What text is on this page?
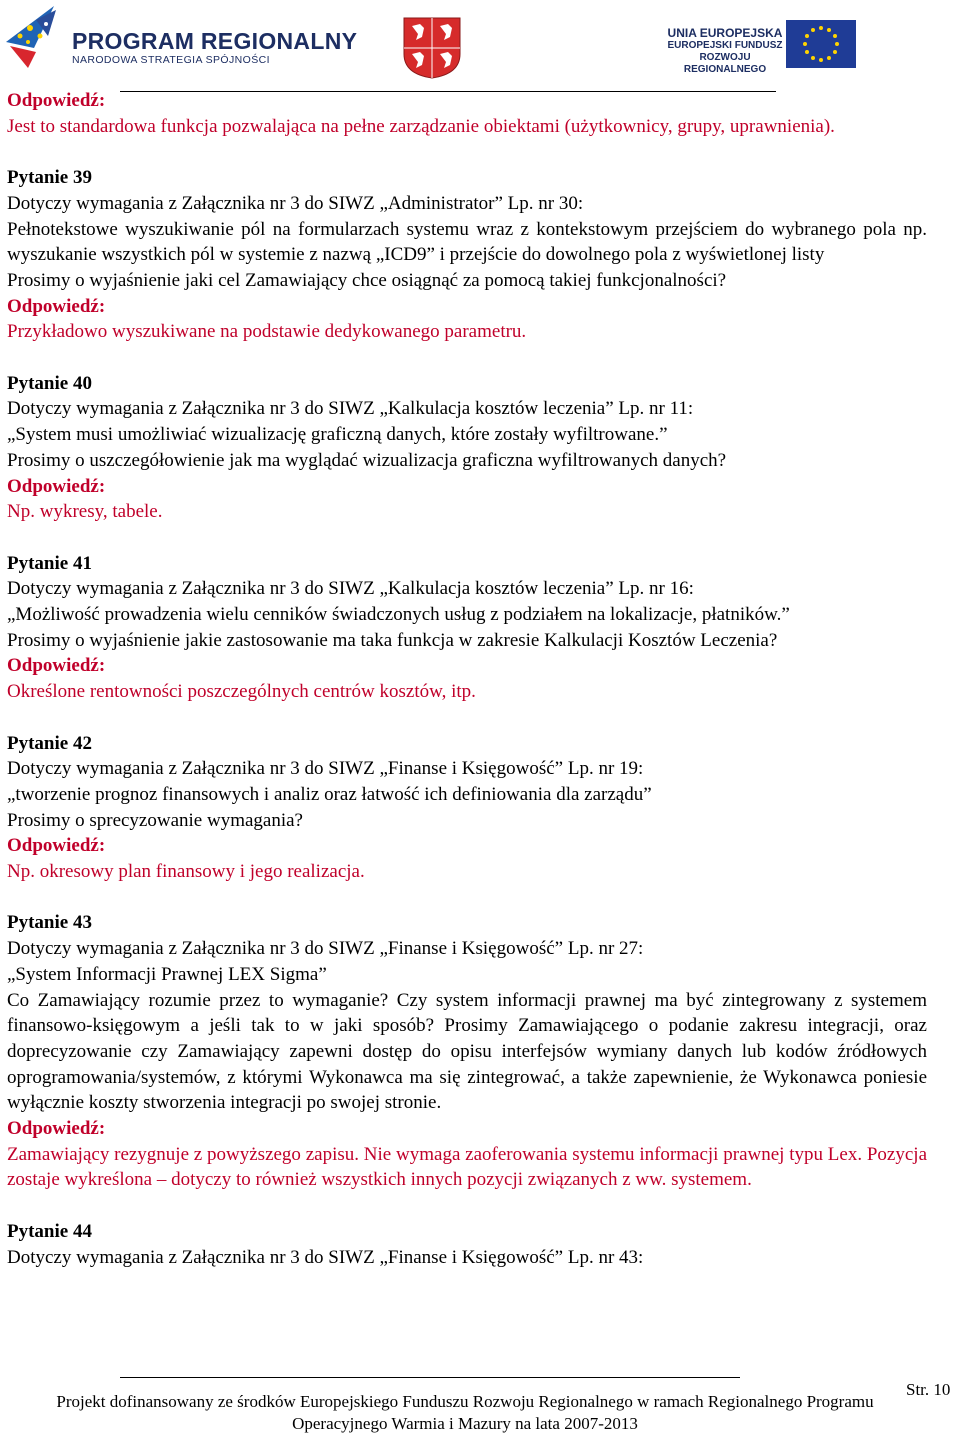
PROGRAM REGIONALNY
NARODOWA STRATEGIA SPÓJNOŚCI
UNIA EUROPEJSKA
EUROPEJSKI FUNDUSZ
ROZWOJU REGIONALNEGO

Odpowiedź:

Jest to standardowa funkcja pozwalająca na pełne zarządzanie obiektami (użytkownicy, grupy, uprawnienia).

Pytanie 39

Dotyczy wymagania z Załącznika nr 3 do SIWZ „Administrator” Lp. nr 30:

Pełnotekstowe wyszukiwanie pól na formularzach systemu wraz z kontekstowym przejściem do wybranego pola np. wyszukanie wszystkich pól w systemie z nazwą „ICD9” i przejście do dowolnego pola z wyświetlonej listy

Prosimy o wyjaśnienie jaki cel Zamawiający chce osiągnąć za pomocą takiej funkcjonalności?

Odpowiedź:

Przykładowo wyszukiwane na podstawie dedykowanego parametru.

Pytanie 40

Dotyczy wymagania z Załącznika nr 3 do SIWZ „Kalkulacja kosztów leczenia” Lp. nr 11:

„System musi umożliwiać wizualizację graficzną danych, które zostały wyfiltrowane.”

Prosimy o uszczegółowienie jak ma wyglądać wizualizacja graficzna wyfiltrowanych danych?

Odpowiedź:

Np. wykresy, tabele.

Pytanie 41

Dotyczy wymagania z Załącznika nr 3 do SIWZ „Kalkulacja kosztów leczenia” Lp. nr 16:

„Możliwość prowadzenia wielu cenników świadczonych usług z podziałem na lokalizacje, płatników.”

Prosimy o wyjaśnienie jakie zastosowanie ma taka funkcja w zakresie Kalkulacji Kosztów Leczenia?

Odpowiedź:

Określone rentowności poszczególnych centrów kosztów, itp.

Pytanie 42

Dotyczy wymagania z Załącznika nr 3 do SIWZ „Finanse i Księgowość” Lp. nr 19:

„tworzenie prognoz finansowych i analiz oraz łatwość ich definiowania dla zarządu”

Prosimy o sprecyzowanie wymagania?

Odpowiedź:

Np. okresowy plan finansowy i jego realizacja.

Pytanie 43

Dotyczy wymagania z Załącznika nr 3 do SIWZ „Finanse i Księgowość” Lp. nr 27:

„System Informacji Prawnej LEX Sigma”

Co Zamawiający rozumie przez to wymaganie? Czy system informacji prawnej ma być zintegrowany z systemem finansowo-księgowym a jeśli tak to w jaki sposób? Prosimy Zamawiającego o podanie zakresu integracji, oraz doprecyzowanie czy Zamawiający zapewni dostęp do opisu interfejsów wymiany danych lub kodów źródłowych oprogramowania/systemów, z którymi Wykonawca ma się zintegrować, a także zapewnienie, że Wykonawca poniesie wyłącznie koszty stworzenia integracji po swojej stronie.

Odpowiedź:

Zamawiający rezygnuje z powyższego zapisu. Nie wymaga zaoferowania systemu informacji prawnej typu Lex. Pozycja zostaje wykreślona – dotyczy to również wszystkich innych pozycji związanych z ww. systemem.

Pytanie 44

Dotyczy wymagania z Załącznika nr 3 do SIWZ „Finanse i Księgowość” Lp. nr 43:

Str. 10
Projekt dofinansowany ze środków Europejskiego Funduszu Rozwoju Regionalnego w ramach Regionalnego Programu
Operacyjnego Warmia i Mazury na lata 2007-2013
